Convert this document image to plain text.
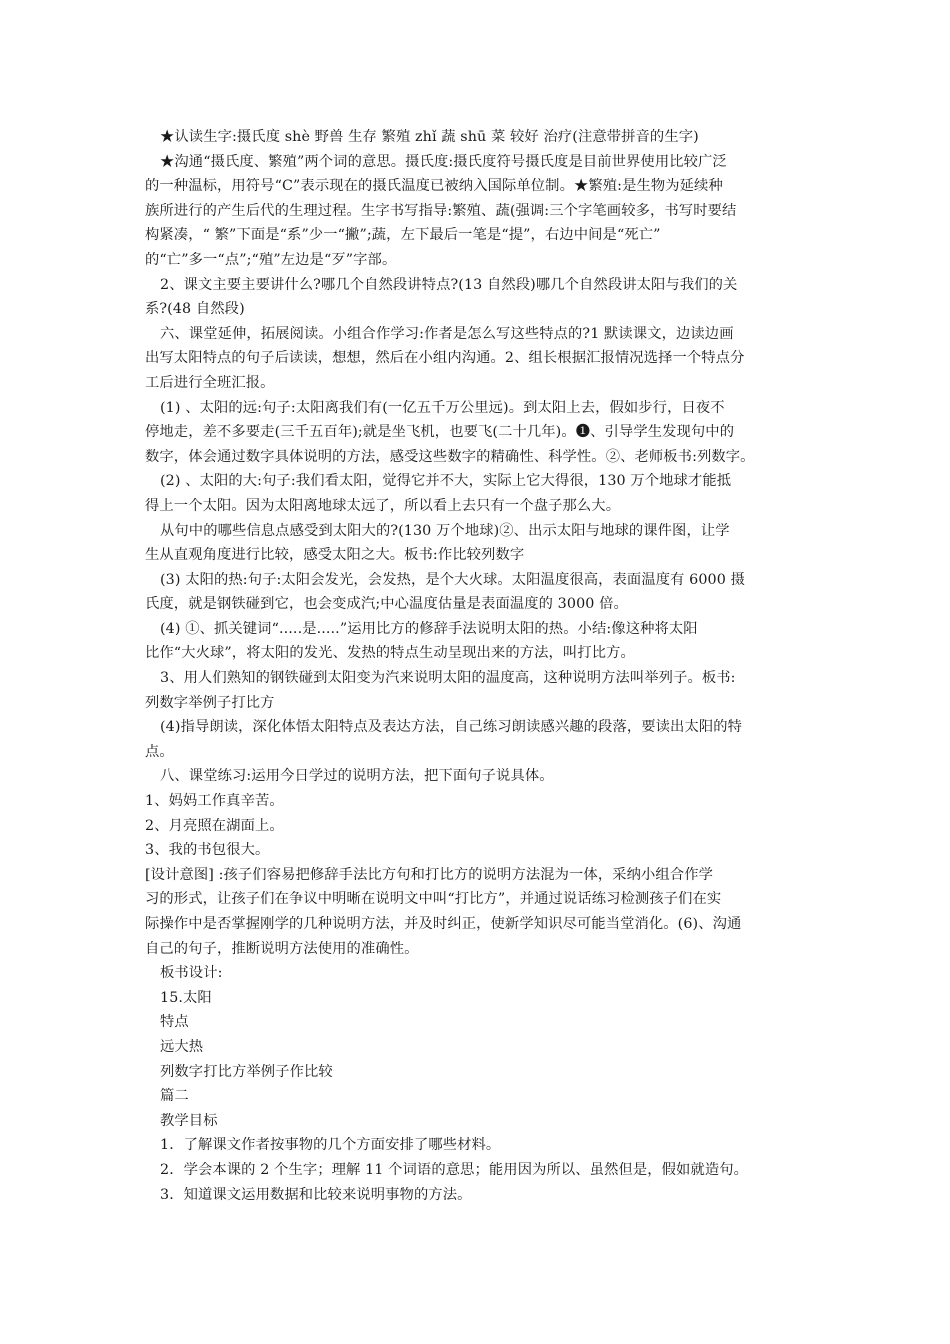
★认读生字:摄氏度 shè 野兽 生存 繁殖 zhǐ 蔬 shū 菜 较好 治疗(注意带拼音的生字)
★沟通“摄氏度、繁殖”两个词的意思。摄氏度:摄氏度符号摄氏度是目前世界使用比较广泛
的一种温标，用符号“C”表示现在的摄氏温度已被纳入国际单位制。★繁殖:是生物为延续种
族所进行的产生后代的生理过程。生字书写指导:繁殖、蔬(强调:三个字笔画较多，书写时要结
构紧凑，“ 繁”下面是“系”少一“撇”;蔬，左下最后一笔是“提”，右边中间是“死亡”
的“亡”多一“点”;“殖”左边是“歹”字部。
2、课文主要主要讲什么?哪几个自然段讲特点?(13 自然段)哪几个自然段讲太阳与我们的关
系?(48 自然段)
六、课堂延伸，拓展阅读。小组合作学习:作者是怎么写这些特点的?1 默读课文，边读边画
出写太阳特点的句子后读读，想想，然后在小组内沟通。2、组长根据汇报情况选择一个特点分
工后进行全班汇报。
(1) 、太阳的远:句子:太阳离我们有(一亿五千万公里远)。到太阳上去，假如步行，日夜不
停地走，差不多要走(三千五百年);就是坐飞机，也要飞(二十几年)。❶、引导学生发现句中的
数字，体会通过数字具体说明的方法，感受这些数字的精确性、科学性。②、老师板书:列数字。
(2) 、太阳的大:句子:我们看太阳，觉得它并不大，实际上它大得很，130 万个地球才能抵
得上一个太阳。因为太阳离地球太远了，所以看上去只有一个盘子那么大。
从句中的哪些信息点感受到太阳大的?(130 万个地球)②、出示太阳与地球的课件图，让学
生从直观角度进行比较，感受太阳之大。板书:作比较列数字
(3) 太阳的热:句子:太阳会发光，会发热，是个大火球。太阳温度很高，表面温度有 6000 摄
氏度，就是钢铁碰到它，也会变成汽;中心温度估量是表面温度的 3000 倍。
(4) ①、抓关键词“.....是.....”运用比方的修辞手法说明太阳的热。小结:像这种将太阳
比作“大火球”，将太阳的发光、发热的特点生动呈现出来的方法，叫打比方。
3、用人们熟知的钢铁碰到太阳变为汽来说明太阳的温度高，这种说明方法叫举列子。板书:
列数字举例子打比方
(4)指导朗读，深化体悟太阳特点及表达方法，自己练习朗读感兴趣的段落，要读出太阳的特
点。
八、课堂练习:运用今日学过的说明方法，把下面句子说具体。
1、妈妈工作真辛苦。
2、月亮照在湖面上。
3、我的书包很大。
[设计意图] :孩子们容易把修辞手法比方句和打比方的说明方法混为一体，采纳小组合作学
习的形式，让孩子们在争议中明晰在说明文中叫“打比方”，并通过说话练习检测孩子们在实
际操作中是否掌握刚学的几种说明方法，并及时纠正，使新学知识尽可能当堂消化。(6)、沟通
自己的句子，推断说明方法使用的准确性。
板书设计:
15.太阳
特点
远大热
列数字打比方举例子作比较
篇二
教学目标
1．了解课文作者按事物的几个方面安排了哪些材料。
2．学会本课的 2 个生字；理解 11 个词语的意思；能用因为所以、虽然但是，假如就造句。
3．知道课文运用数据和比较来说明事物的方法。
